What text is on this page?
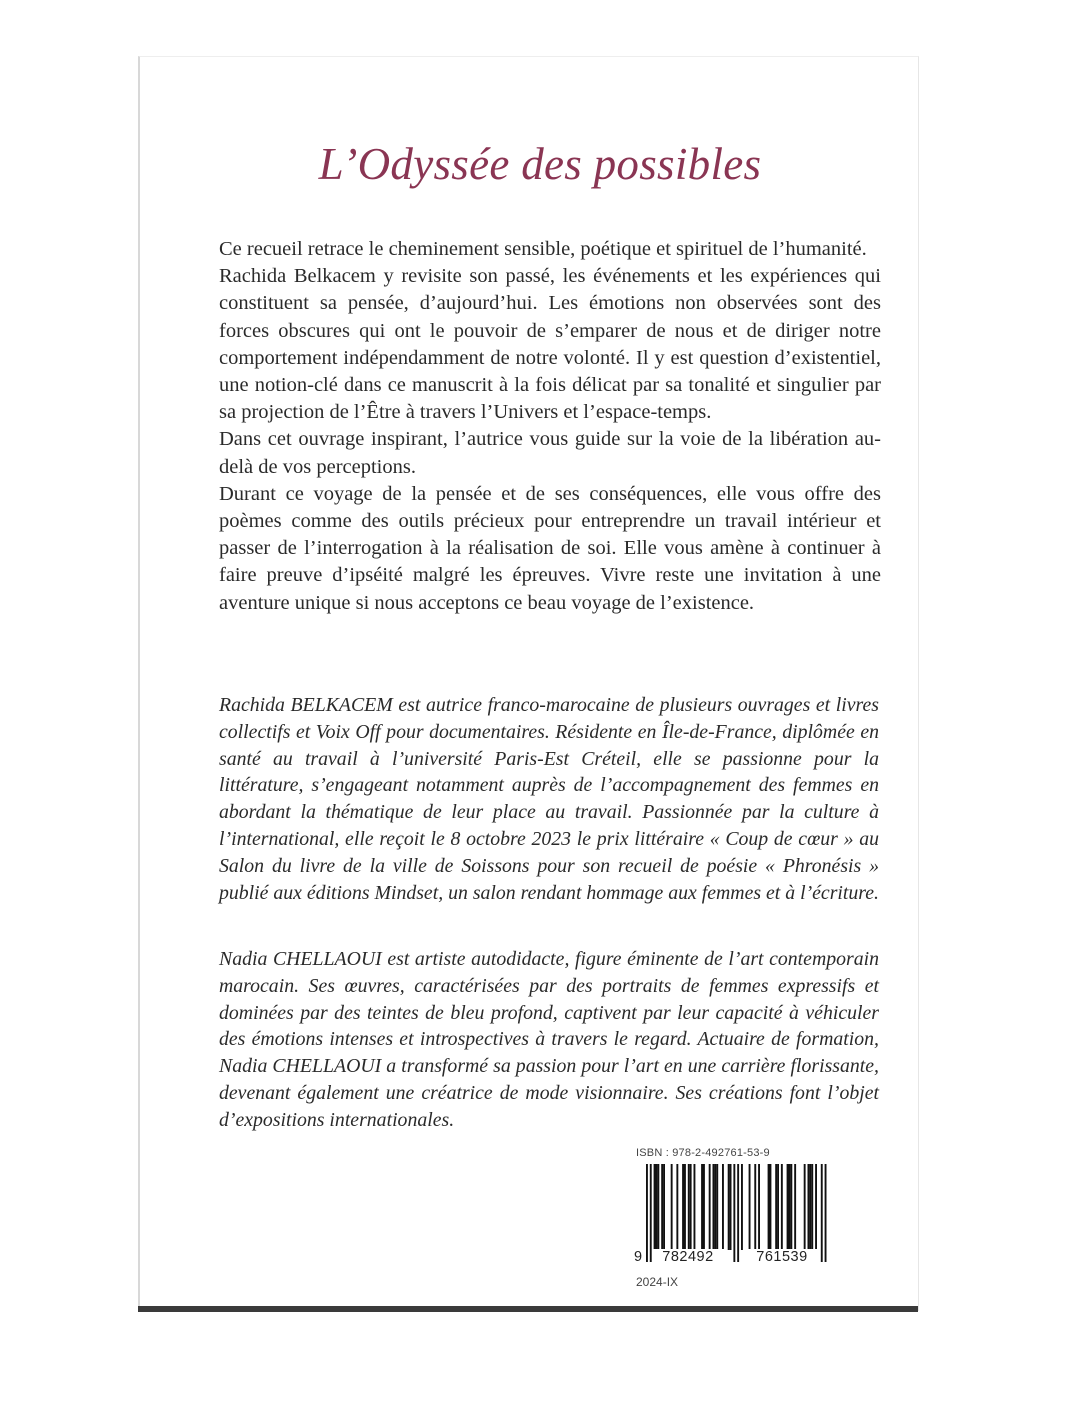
L’Odyssée des possibles

Ce recueil retrace le cheminement sensible, poétique et spirituel de l’humanité.

Rachida Belkacem y revisite son passé, les événements et les expériences qui constituent sa pensée, d’aujourd’hui. Les émotions non observées sont des forces obscures qui ont le pouvoir de s’emparer de nous et de diriger notre comportement indépendamment de notre volonté. Il y est question d’existentiel, une notion-clé dans ce manuscrit à la fois délicat par sa tonalité et singulier par sa projection de l’Être à travers l’Univers et l’espace-temps.

Dans cet ouvrage inspirant, l’autrice vous guide sur la voie de la libération au-delà de vos perceptions.

Durant ce voyage de la pensée et de ses conséquences, elle vous offre des poèmes comme des outils précieux pour entreprendre un travail intérieur et passer de l’interrogation à la réalisation de soi. Elle vous amène à continuer à faire preuve d’ipséité malgré les épreuves. Vivre reste une invitation à une aventure unique si nous acceptons ce beau voyage de l’existence.

Rachida BELKACEM est autrice franco-marocaine de plusieurs ouvrages et livres collectifs et Voix Off pour documentaires. Résidente en Île-de-France, diplômée en santé au travail à l’université Paris-Est Créteil, elle se passionne pour la littérature, s’engageant notamment auprès de l’accompagnement des femmes en abordant la thématique de leur place au travail. Passionnée par la culture à l’international, elle reçoit le 8 octobre 2023 le prix littéraire « Coup de cœur » au Salon du livre de la ville de Soissons pour son recueil de poésie « Phronésis » publié aux éditions Mindset, un salon rendant hommage aux femmes et à l’écriture.

Nadia CHELLAOUI est artiste autodidacte, figure éminente de l’art contemporain marocain. Ses œuvres, caractérisées par des portraits de femmes expressifs et dominées par des teintes de bleu profond, captivent par leur capacité à véhiculer des émotions intenses et introspectives à travers le regard. Actuaire de formation, Nadia CHELLAOUI a transformé sa passion pour l’art en une carrière florissante, devenant également une créatrice de mode visionnaire. Ses créations font l’objet d’expositions internationales.

ISBN : 978-2-492761-53-9
9	782492	761539
2024-IX
